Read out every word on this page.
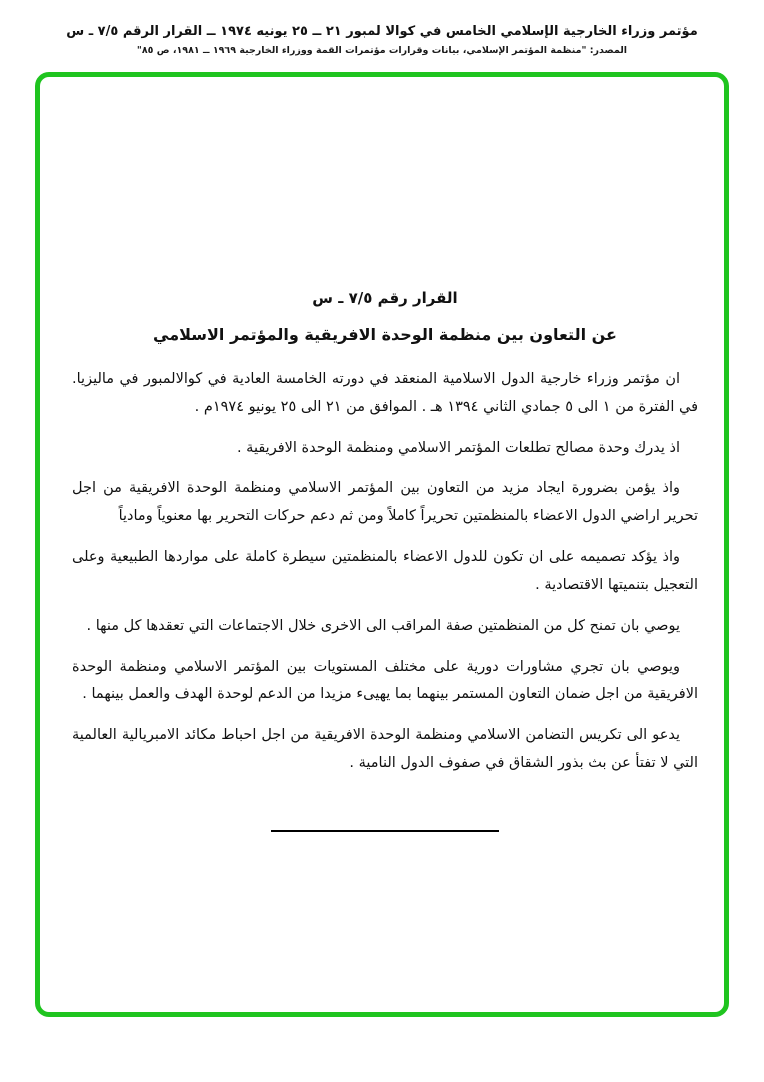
مؤتمر وزراء الخارجية الإسلامي الخامس في كوالا لمبور ٢١ ــ ٢٥ يونيه ١٩٧٤ ــ القرار الرقم ٧/٥ ـ س
المصدر: "منظمة المؤتمر الإسلامي، بيانات وقرارات مؤتمرات القمة ووزراء الخارجية ١٩٦٩ ــ ١٩٨١، ص ٨٥"
القرار رقم ٧/٥ ـ س
عن التعاون بين منظمة الوحدة الافريقية والمؤتمر الاسلامي

ان مؤتمر وزراء خارجية الدول الاسلامية المنعقد في دورته الخامسة العادية في كوالالمبور في ماليزيا. في الفترة من ١ الى ٥ جمادي الثاني ١٣٩٤ هـ . الموافق من ٢١ الى ٢٥ يونيو ١٩٧٤م .

اذ يدرك وحدة مصالح تطلعات المؤتمر الاسلامي ومنظمة الوحدة الافريقية .

واذ يؤمن بضرورة ايجاد مزيد من التعاون بين المؤتمر الاسلامي ومنظمة الوحدة الافريقية من اجل تحرير اراضي الدول الاعضاء بالمنظمتين تحريراً كاملاً ومن ثم دعم حركات التحرير بها معنوياً ومادياً

واذ يؤكد تصميمه على ان تكون للدول الاعضاء بالمنظمتين سيطرة كاملة على مواردها الطبيعية وعلى التعجيل بتنميتها الاقتصادية .

يوصي بان تمنح كل من المنظمتين صفة المراقب الى الاخرى خلال الاجتماعات التي تعقدها كل منها .

ويوصي بان تجري مشاورات دورية على مختلف المستويات بين المؤتمر الاسلامي ومنظمة الوحدة الافريقية من اجل ضمان التعاون المستمر بينهما بما يهيىء مزيدا من الدعم لوحدة الهدف والعمل بينهما .

يدعو الى تكريس التضامن الاسلامي ومنظمة الوحدة الافريقية من اجل احباط مكائد الامبريالية العالمية التي لا تفتأ عن بث بذور الشقاق في صفوف الدول النامية .
